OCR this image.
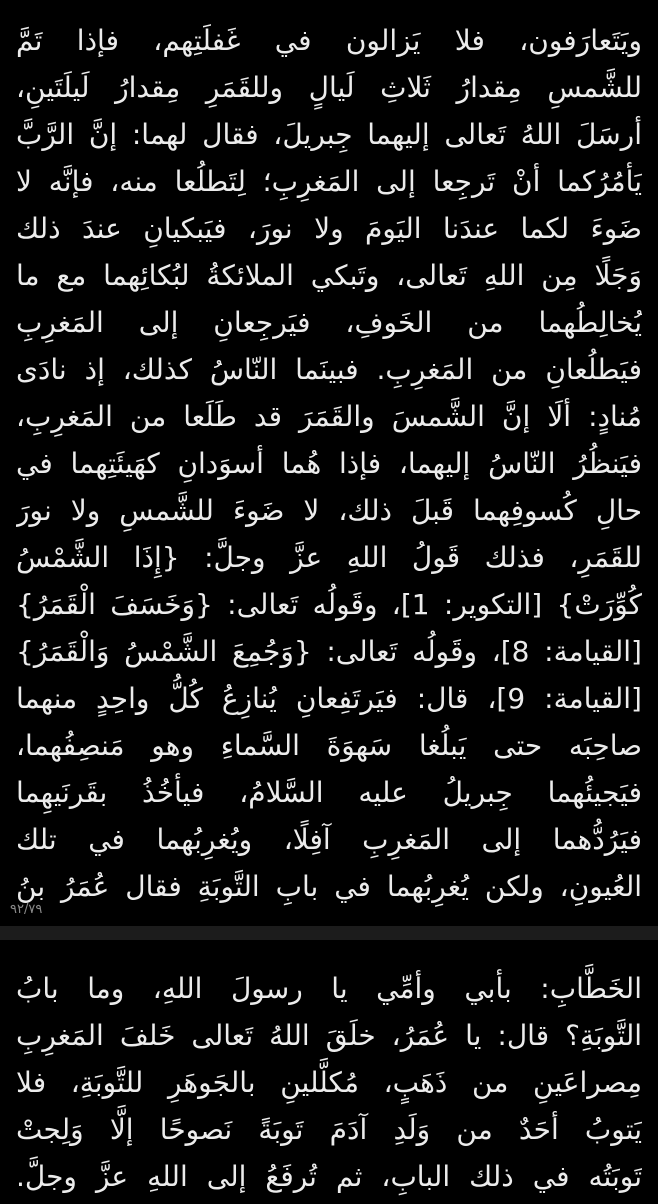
ويَتَعارَفون، فلا يَزالون في غَفلَتِهم، فإذا تَمَّ
للشَّمسِ مِقدارُ ثَلاثِ لَيالٍ وللقَمَرِ مِقدارُ لَيلَتَينِ،
أرسَلَ اللهُ تَعالى إليهما جِبريلَ، فقال لهما: إنَّ الرَّبَّ
يَأمُرُكما أنْ تَرجِعا إلى المَغرِبِ؛ لِتَطلُعا منه، فإنَّه لا
ضَوءَ لكما عندَنا اليَومَ ولا نورَ، فيَبكيانِ عندَ ذلك
وَجَلًا مِن اللهِ تَعالى، وتَبكي الملائكةُ لبُكائِهما مع ما
يُخالِطُهما من الخَوفِ، فيَرجِعانِ إلى المَغرِبِ
فيَطلُعانِ من المَغرِبِ. فبينَما النّاسُ كذلك، إذ نادَى
مُنادٍ: ألَا إنَّ الشَّمسَ والقَمَرَ قد طَلَعا من المَغرِبِ،
فيَنظُرُ النّاسُ إليهما، فإذا هُما أسوَدانِ كهَيئَتِهما في
حالِ كُسوفِهما قَبلَ ذلك، لا ضَوءَ للشَّمسِ ولا نورَ
للقَمَرِ، فذلك قَولُ اللهِ عزَّ وجلَّ: {إِذَا الشَّمْسُ
كُوِّرَتْ} [التكوير: 1]، وقَولُه تَعالى: {وَخَسَفَ الْقَمَرُ}
[القيامة: 8]، وقَولُه تَعالى: {وَجُمِعَ الشَّمْسُ وَالْقَمَرُ}
[القيامة: 9]، قال: فيَرتَفِعانِ يُنازِعُ كُلُّ واحِدٍ منهما
صاحِبَه حتى يَبلُغا سَهوَةَ السَّماءِ وهو مَنصِفُهما،
فيَجيئُهما جِبريلُ عليه السَّلامُ، فيأخُذُ بقَرنَيهِما
فيَرُدُّهما إلى المَغرِبِ آفِلًا، ويُغرِبُهما في تلك
العُيونِ، ولكن يُغرِبُهما في بابِ التَّوبَةِ فقال عُمَرُ بنُ
٩٢/٧٩
الخَطَّابِ: بأبي وأمِّي يا رسولَ اللهِ، وما بابُ
التَّوبَةِ؟ قال: يا عُمَرُ، خلَقَ اللهُ تَعالى خَلفَ المَغرِبِ
مِصراعَينِ من ذَهَبٍ، مُكلَّلينِ بالجَوهَرِ للتَّوبَةِ، فلا
يَتوبُ أحَدٌ من وَلَدِ آدَمَ تَوبَةً نَصوحًا إلَّا وَلِجتْ
تَوبَتُه في ذلك البابِ، ثم تُرفَعُ إلى اللهِ عزَّ وجلَّ.
